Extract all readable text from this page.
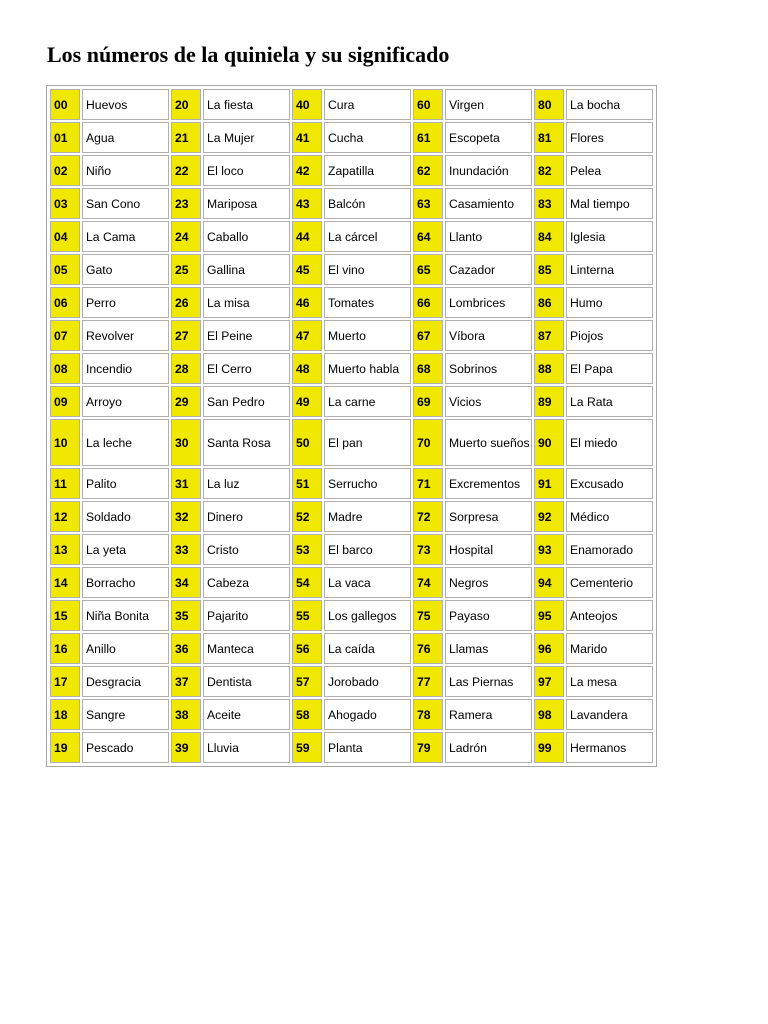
Los números de la quiniela y su significado
00	Huevos	20	La fiesta	40	Cura	60	Virgen	80	La bocha
01	Agua	21	La Mujer	41	Cucha	61	Escopeta	81	Flores
02	Niño	22	El loco	42	Zapatilla	62	Inundación	82	Pelea
03	San Cono	23	Mariposa	43	Balcón	63	Casamiento	83	Mal tiempo
04	La Cama	24	Caballo	44	La cárcel	64	Llanto	84	Iglesia
05	Gato	25	Gallina	45	El vino	65	Cazador	85	Linterna
06	Perro	26	La misa	46	Tomates	66	Lombrices	86	Humo
07	Revolver	27	El Peine	47	Muerto	67	Víbora	87	Piojos
08	Incendio	28	El Cerro	48	Muerto habla	68	Sobrinos	88	El Papa
09	Arroyo	29	San Pedro	49	La carne	69	Vicios	89	La Rata
10	La leche	30	Santa Rosa	50	El pan	70	Muerto sueños	90	El miedo
11	Palito	31	La luz	51	Serrucho	71	Excrementos	91	Excusado
12	Soldado	32	Dinero	52	Madre	72	Sorpresa	92	Médico
13	La yeta	33	Cristo	53	El barco	73	Hospital	93	Enamorado
14	Borracho	34	Cabeza	54	La vaca	74	Negros	94	Cementerio
15	Niña Bonita	35	Pajarito	55	Los gallegos	75	Payaso	95	Anteojos
16	Anillo	36	Manteca	56	La caída	76	Llamas	96	Marido
17	Desgracia	37	Dentista	57	Jorobado	77	Las Piernas	97	La mesa
18	Sangre	38	Aceite	58	Ahogado	78	Ramera	98	Lavandera
19	Pescado	39	Lluvia	59	Planta	79	Ladrón	99	Hermanos
